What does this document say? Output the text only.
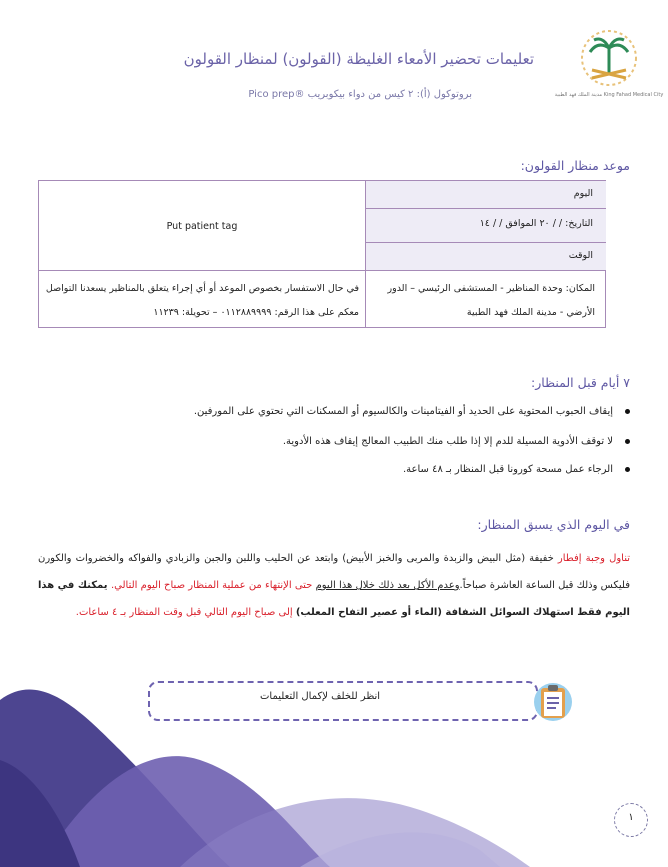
مدينة الملك فهد الطبية King Fahad Medical City
تعليمات تحضير الأمعاء الغليظة (القولون) لمنظار القولون
بروتوكول (أ): ٢ كيس من دواء بيكوبريب ®Pico prep
موعد منظار القولون:
اليوم
التاريخ: / / ٢٠ الموافق / / ١٤
الوقت
Put patient tag
المكان: وحدة المناظير - المستشفى الرئيسي – الدور الأرضي - مدينة الملك فهد الطبية
في حال الاستفسار بخصوص الموعد أو أي إجراء يتعلق بالمناظير يسعدنا التواصل معكم على هذا الرقم: ٠١١٢٨٨٩٩٩٩ – تحويلة: ١١٢٣٩
٧ أيام قبل المنظار:
إيقاف الحبوب المحتوية على الحديد أو الفيتامينات والكالسيوم أو المسكنات التي تحتوي على المورفين.
لا توقف الأدوية المسيلة للدم إلا إذا طلب منك الطبيب المعالج إيقاف هذه الأدوية.
الرجاء عمل مسحة كورونا قبل المنظار بـ ٤٨ ساعة.
في اليوم الذي يسبق المنظار:
تناول وجبة إفطار خفيفة (مثل البيض والزبدة والمربى والخبز الأبيض) وابتعد عن الحليب واللبن والجبن والزبادي والفواكه والخضروات والكورن فليكس وذلك قبل الساعة العاشرة صباحاً.وعدم الأكل بعد ذلك خلال هذا اليوم حتى الإنتهاء من عملية المنظار صباح اليوم التالي. يمكنك في هذا اليوم فقط استهلاك السوائل الشفافة (الماء أو عصير التفاح المعلب) إلى صباح اليوم التالي قبل وقت المنظار بـ ٤ ساعات.
انظر للخلف لإكمال التعليمات
١
